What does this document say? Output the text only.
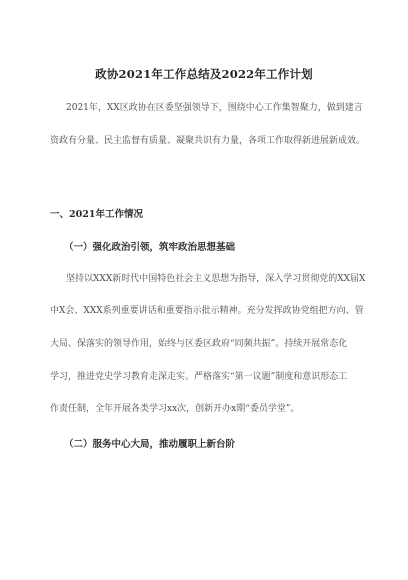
政协2021年工作总结及2022年工作计划
2021年，XX区政协在区委坚强领导下，围绕中心工作集智聚力，做到建言
资政有分量、民主监督有质量、凝聚共识有力量，各项工作取得新进展新成效。
一、2021年工作情况
（一）强化政治引领，筑牢政治思想基础
坚持以XXX新时代中国特色社会主义思想为指导，深入学习贯彻党的XX届X
中X会、XXX系列重要讲话和重要指示批示精神。充分发挥政协党组把方向、管
大局、保落实的领导作用，始终与区委区政府“同频共振”。持续开展常态化
学习，推进党史学习教育走深走实。严格落实“第一议题”制度和意识形态工
作责任制，全年开展各类学习xx次，创新开办x期“委员学堂”。
（二）服务中心大局，推动履职上新台阶
